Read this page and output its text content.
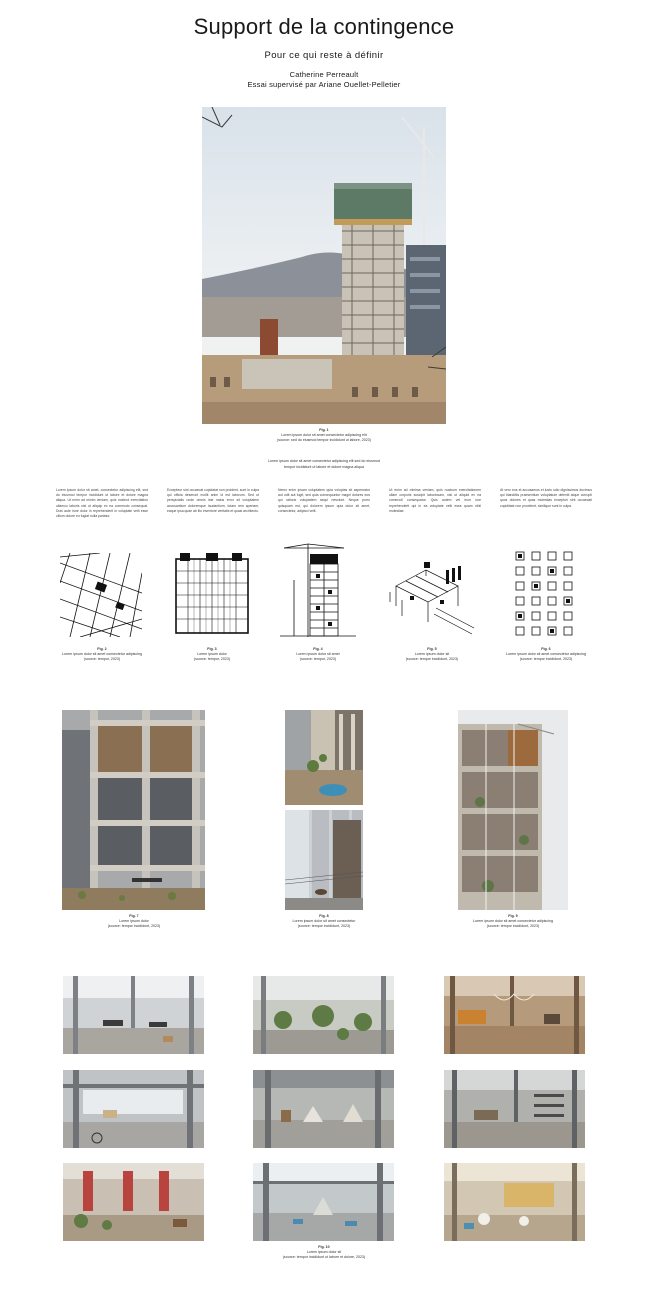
Support de la contingence
Pour ce qui reste à définir
Catherine Perreault
Essai supervisé par Ariane Ouellet-Pelletier
Fig. 1
Lorem ipsum dolor sit amet consectetur adipiscing elit
(source: sed do eiusmod tempor incididunt ut labore, 2023)
Lorem ipsum dolor sit amet consectetur adipiscing elit sed do eiusmod
tempor incididunt ut labore et dolore magna aliqua
Lorem ipsum dolor sit amet, consectetur adipiscing elit, sed do eiusmod tempor incididunt ut labore et dolore magna aliqua. Ut enim ad minim veniam, quis nostrud exercitation ullamco laboris nisi ut aliquip ex ea commodo consequat. Duis aute irure dolor in reprehenderit in voluptate velit esse cillum dolore eu fugiat nulla pariatur.
Excepteur sint occaecat cupidatat non proident, sunt in culpa qui officia deserunt mollit anim id est laborum. Sed ut perspiciatis unde omnis iste natus error sit voluptatem accusantium doloremque laudantium, totam rem aperiam, eaque ipsa quae ab illo inventore veritatis et quasi architecto.
Nemo enim ipsam voluptatem quia voluptas sit aspernatur aut odit aut fugit, sed quia consequuntur magni dolores eos qui ratione voluptatem sequi nesciunt. Neque porro quisquam est, qui dolorem ipsum quia dolor sit amet, consectetur, adipisci velit.
Ut enim ad minima veniam, quis nostrum exercitationem ullam corporis suscipit laboriosam, nisi ut aliquid ex ea commodi consequatur. Quis autem vel eum iure reprehenderit qui in ea voluptate velit esse quam nihil molestiae.
At vero eos et accusamus et iusto odio dignissimos ducimus qui blanditiis praesentium voluptatum deleniti atque corrupti quos dolores et quas molestias excepturi sint occaecati cupiditate non provident, similique sunt in culpa.
Fig. 2
Lorem ipsum dolor sit amet consectetur adipiscing
(source: tempor, 2023)
Fig. 3
Lorem ipsum dolor
(source: tempor, 2023)
Fig. 4
Lorem ipsum dolor sit amet
(source: tempor, 2023)
Fig. 5
Lorem ipsum dolor sit
(source: tempor incididunt, 2023)
Fig. 6
Lorem ipsum dolor sit amet consectetur adipiscing
(source: tempor incididunt, 2023)
Fig. 7
Lorem ipsum dolor
(source: tempor incididunt, 2023)
Fig. 8
Lorem ipsum dolor sit amet consectetur
(source: tempor incididunt, 2023)
Fig. 9
Lorem ipsum dolor sit amet consectetur adipiscing
(source: tempor incididunt, 2023)
Fig. 10
Lorem ipsum dolor sit
(source: tempor incididunt ut labore et dolore, 2023)
